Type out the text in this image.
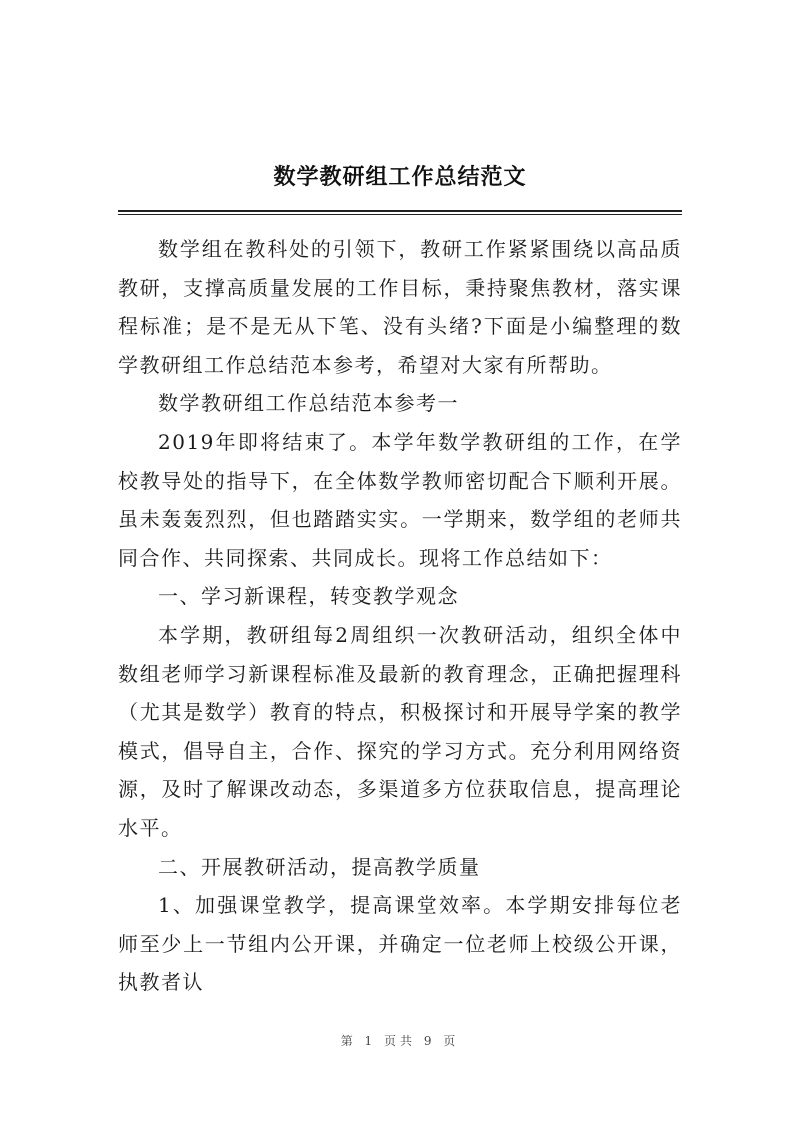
数学教研组工作总结范文

数学组在教科处的引领下，教研工作紧紧围绕以高品质教研，支撑高质量发展的工作目标，秉持聚焦教材，落实课程标准；是不是无从下笔、没有头绪?下面是小编整理的数学教研组工作总结范本参考，希望对大家有所帮助。

数学教研组工作总结范本参考一

2019年即将结束了。本学年数学教研组的工作，在学校教导处的指导下，在全体数学教师密切配合下顺利开展。虽未轰轰烈烈，但也踏踏实实。一学期来，数学组的老师共同合作、共同探索、共同成长。现将工作总结如下：

一、学习新课程，转变教学观念

本学期，教研组每2周组织一次教研活动，组织全体中数组老师学习新课程标准及最新的教育理念，正确把握理科（尤其是数学）教育的特点，积极探讨和开展导学案的教学模式，倡导自主，合作、探究的学习方式。充分利用网络资源，及时了解课改动态，多渠道多方位获取信息，提高理论水平。

二、开展教研活动，提高教学质量

1、加强课堂教学，提高课堂效率。本学期安排每位老师至少上一节组内公开课，并确定一位老师上校级公开课，执教者认

第 1 页共 9 页
